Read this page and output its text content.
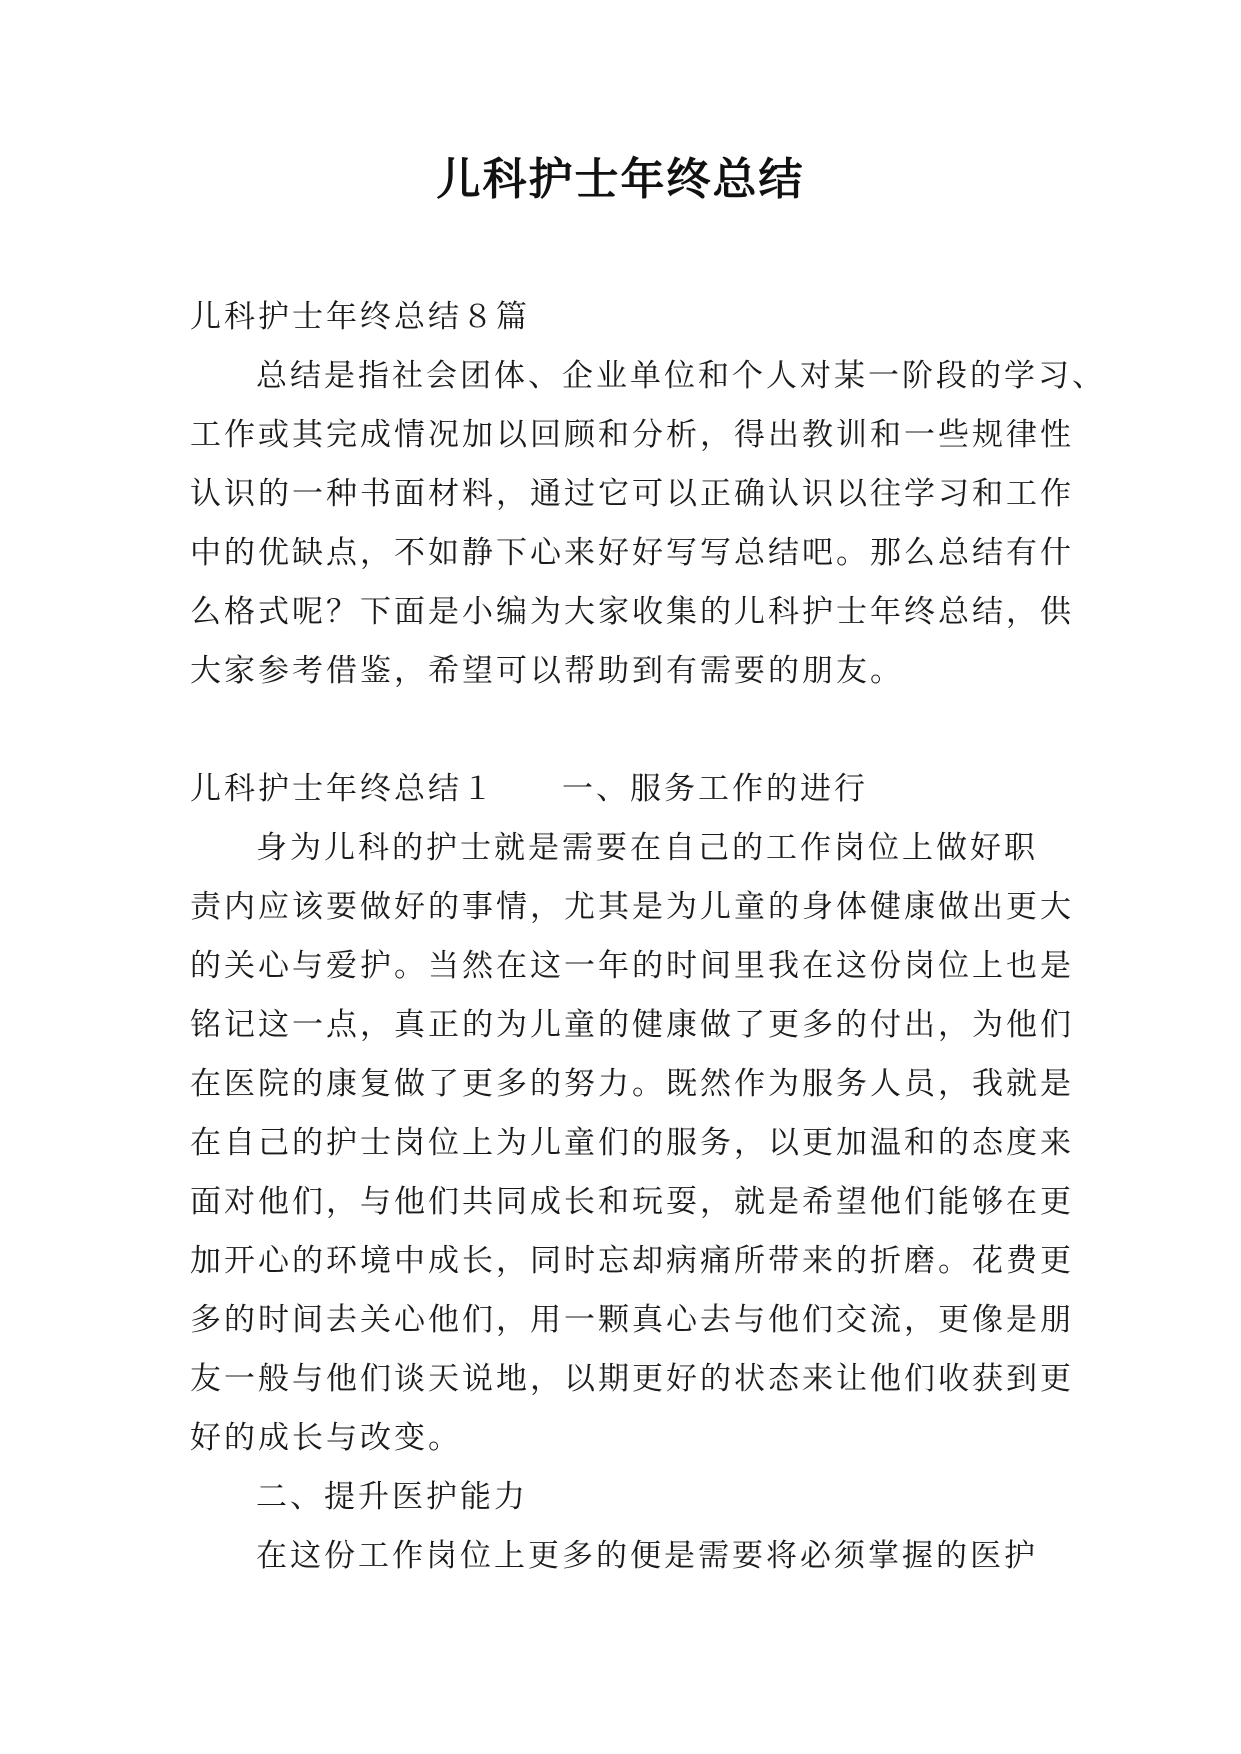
儿科护士年终总结
儿科护士年终总结８篇
总结是指社会团体、企业单位和个人对某一阶段的学习、
工作或其完成情况加以回顾和分析，得出教训和一些规律性
认识的一种书面材料，通过它可以正确认识以往学习和工作
中的优缺点，不如静下心来好好写写总结吧。那么总结有什
么格式呢？下面是小编为大家收集的儿科护士年终总结，供
大家参考借鉴，希望可以帮助到有需要的朋友。
儿科护士年终总结１ 一、服务工作的进行
身为儿科的护士就是需要在自己的工作岗位上做好职
责内应该要做好的事情，尤其是为儿童的身体健康做出更大
的关心与爱护。当然在这一年的时间里我在这份岗位上也是
铭记这一点，真正的为儿童的健康做了更多的付出，为他们
在医院的康复做了更多的努力。既然作为服务人员，我就是
在自己的护士岗位上为儿童们的服务，以更加温和的态度来
面对他们，与他们共同成长和玩耍，就是希望他们能够在更
加开心的环境中成长，同时忘却病痛所带来的折磨。花费更
多的时间去关心他们，用一颗真心去与他们交流，更像是朋
友一般与他们谈天说地，以期更好的状态来让他们收获到更
好的成长与改变。
二、提升医护能力
在这份工作岗位上更多的便是需要将必须掌握的医护
